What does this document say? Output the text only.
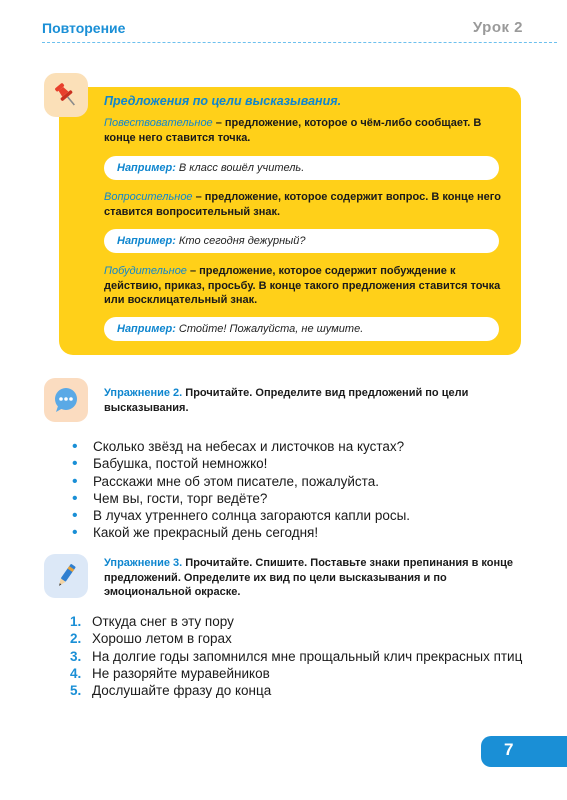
Повторение	Урок 2
Предложения по цели высказывания.
Повествовательное – предложение, которое о чём-либо сообщает. В конце него ставится точка.
Например: В класс вошёл учитель.
Вопросительное – предложение, которое содержит вопрос. В конце него ставится вопросительный знак.
Например: Кто сегодня дежурный?
Побудительное – предложение, которое содержит побуждение к действию, приказ, просьбу. В конце такого предложения ставится точка или восклицательный знак.
Например: Стойте! Пожалуйста, не шумите.
Упражнение 2. Прочитайте. Определите вид предложений по цели высказывания.
• Сколько звёзд на небесах и листочков на кустах?
• Бабушка, постой немножко!
• Расскажи мне об этом писателе, пожалуйста.
• Чем вы, гости, торг ведёте?
• В лучах утреннего солнца загораются капли росы.
• Какой же прекрасный день сегодня!
Упражнение 3. Прочитайте. Спишите. Поставьте знаки препинания в конце предложений. Определите их вид по цели высказывания и по эмоциональной окраске.
1. Откуда снег в эту пору
2. Хорошо летом в горах
3. На долгие годы запомнился мне прощальный клич прекрасных птиц
4. Не разоряйте муравейников
5. Дослушайте фразу до конца
7
